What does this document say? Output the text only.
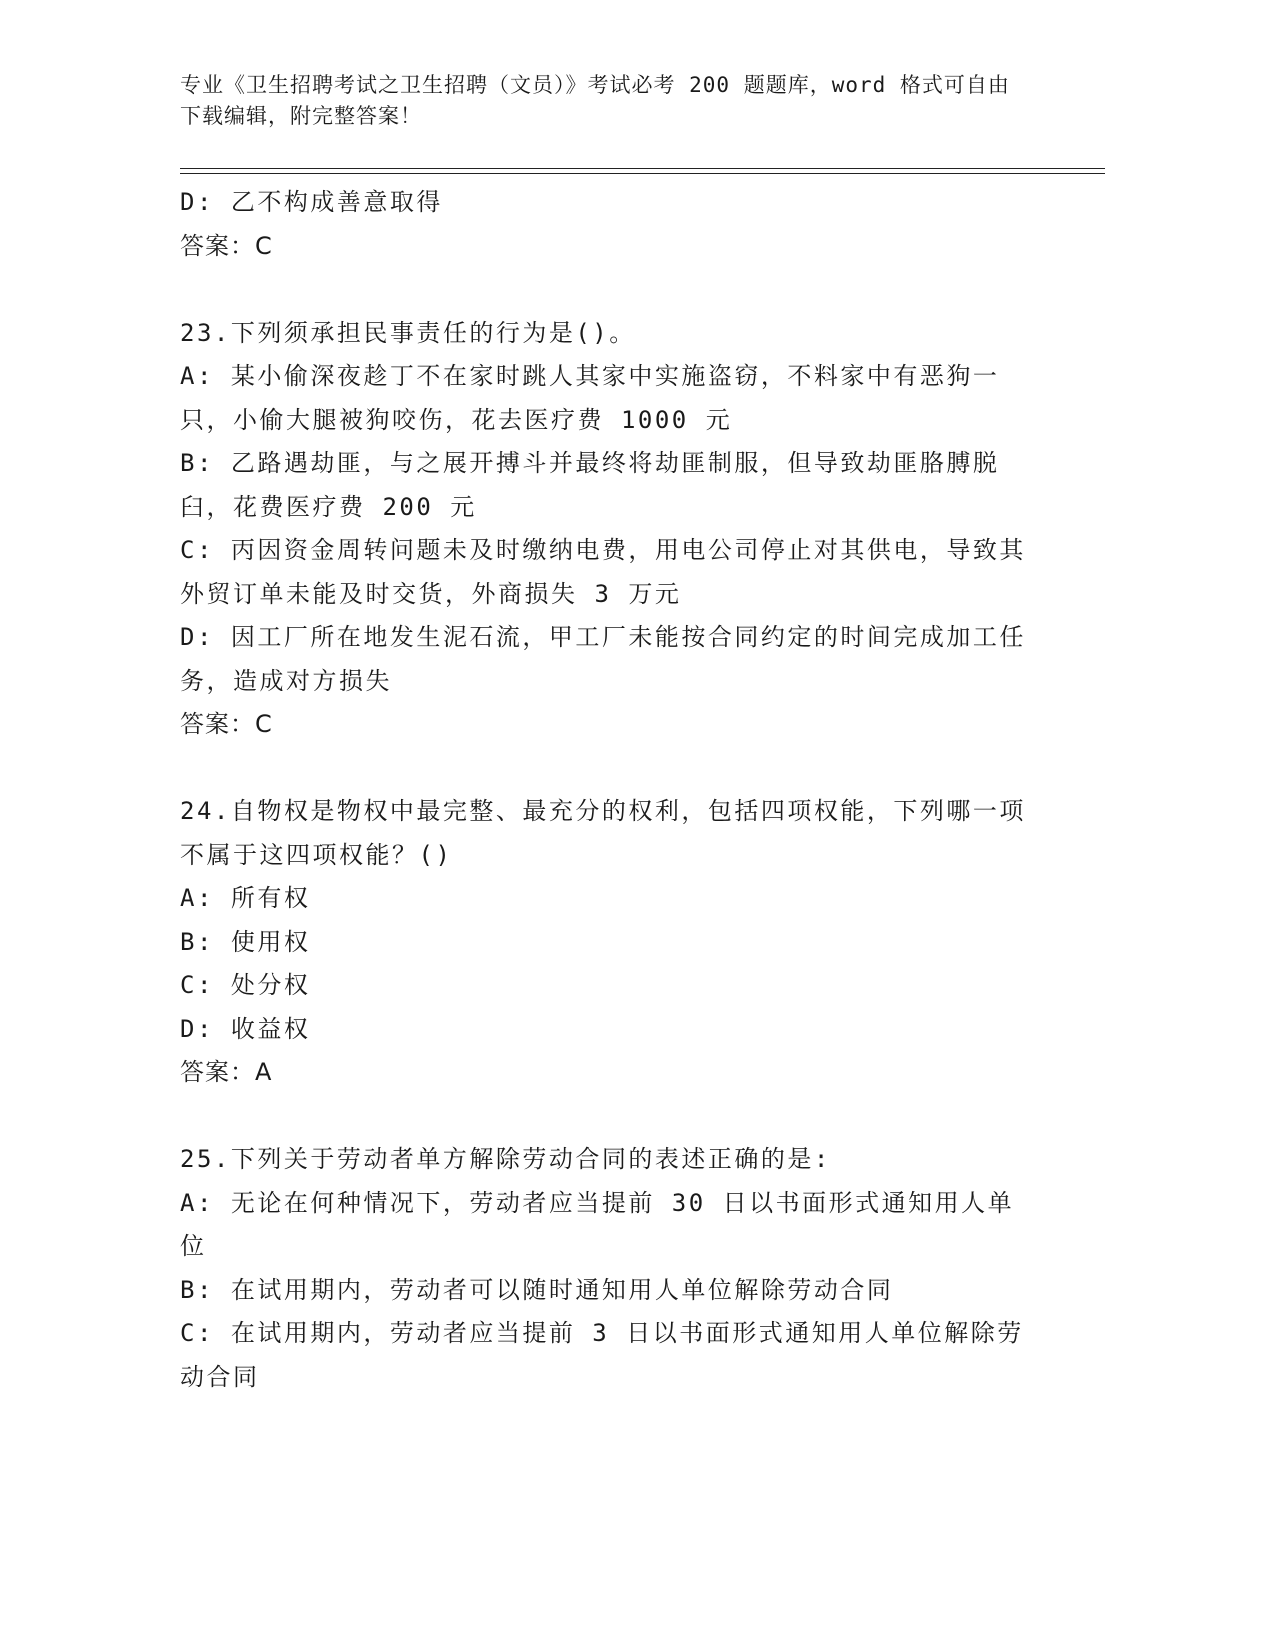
专业《卫生招聘考试之卫生招聘（文员）》考试必考 200 题题库，word 格式可自由下载编辑，附完整答案！
D: 乙不构成善意取得
答案：C
23.下列须承担民事责任的行为是()。
A: 某小偷深夜趁丁不在家时跳人其家中实施盗窃，不料家中有恶狗一只，小偷大腿被狗咬伤，花去医疗费 1000 元
B: 乙路遇劫匪，与之展开搏斗并最终将劫匪制服，但导致劫匪胳膊脱臼，花费医疗费 200 元
C: 丙因资金周转问题未及时缴纳电费，用电公司停止对其供电，导致其外贸订单未能及时交货，外商损失 3 万元
D: 因工厂所在地发生泥石流，甲工厂未能按合同约定的时间完成加工任务，造成对方损失
答案：C
24.自物权是物权中最完整、最充分的权利，包括四项权能，下列哪一项不属于这四项权能？()
A: 所有权
B: 使用权
C: 处分权
D: 收益权
答案：A
25.下列关于劳动者单方解除劳动合同的表述正确的是:
A: 无论在何种情况下，劳动者应当提前 30 日以书面形式通知用人单位
B: 在试用期内，劳动者可以随时通知用人单位解除劳动合同
C: 在试用期内，劳动者应当提前 3 日以书面形式通知用人单位解除劳动合同
